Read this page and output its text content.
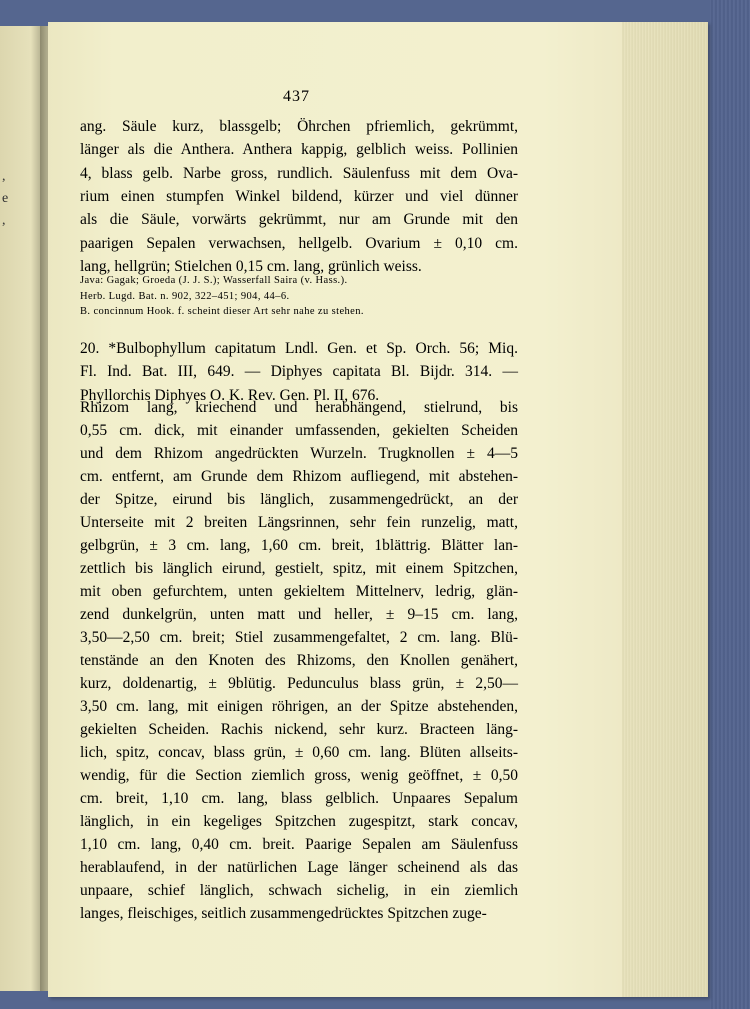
,
e
,
437
ang. Säule kurz, blassgelb; Öhrchen pfriemlich, gekrümmt,
länger als die Anthera. Anthera kappig, gelblich weiss. Pollinien
4, blass gelb. Narbe gross, rundlich. Säulenfuss mit dem Ova-
rium einen stumpfen Winkel bildend, kürzer und viel dünner
als die Säule, vorwärts gekrümmt, nur am Grunde mit den
paarigen Sepalen verwachsen, hellgelb. Ovarium ± 0,10 cm.
lang, hellgrün; Stielchen 0,15 cm. lang, grünlich weiss.
Java: Gagak; Groeda (J. J. S.); Wasserfall Saira (v. Hass.).
Herb. Lugd. Bat. n. 902, 322–451; 904, 44–6.
B. concinnum Hook. f. scheint dieser Art sehr nahe zu stehen.
20. *Bulbophyllum capitatum Lndl. Gen. et Sp. Orch. 56; Miq.
Fl. Ind. Bat. III, 649. — Diphyes capitata Bl. Bijdr. 314. —
Phyllorchis Diphyes O. K. Rev. Gen. Pl. II, 676.
Rhizom lang, kriechend und herabhängend, stielrund, bis
0,55 cm. dick, mit einander umfassenden, gekielten Scheiden
und dem Rhizom angedrückten Wurzeln. Trugknollen ± 4—5
cm. entfernt, am Grunde dem Rhizom aufliegend, mit abstehen-
der Spitze, eirund bis länglich, zusammengedrückt, an der
Unterseite mit 2 breiten Längsrinnen, sehr fein runzelig, matt,
gelbgrün, ± 3 cm. lang, 1,60 cm. breit, 1blättrig. Blätter lan-
zettlich bis länglich eirund, gestielt, spitz, mit einem Spitzchen,
mit oben gefurchtem, unten gekieltem Mittelnerv, ledrig, glän-
zend dunkelgrün, unten matt und heller, ± 9–15 cm. lang,
3,50—2,50 cm. breit; Stiel zusammengefaltet, 2 cm. lang. Blü-
tenstände an den Knoten des Rhizoms, den Knollen genähert,
kurz, doldenartig, ± 9blütig. Pedunculus blass grün, ± 2,50—
3,50 cm. lang, mit einigen röhrigen, an der Spitze abstehenden,
gekielten Scheiden. Rachis nickend, sehr kurz. Bracteen läng-
lich, spitz, concav, blass grün, ± 0,60 cm. lang. Blüten allseits-
wendig, für die Section ziemlich gross, wenig geöffnet, ± 0,50
cm. breit, 1,10 cm. lang, blass gelblich. Unpaares Sepalum
länglich, in ein kegeliges Spitzchen zugespitzt, stark concav,
1,10 cm. lang, 0,40 cm. breit. Paarige Sepalen am Säulenfuss
herablaufend, in der natürlichen Lage länger scheinend als das
unpaare, schief länglich, schwach sichelig, in ein ziemlich
langes, fleischiges, seitlich zusammengedrücktes Spitzchen zuge-
